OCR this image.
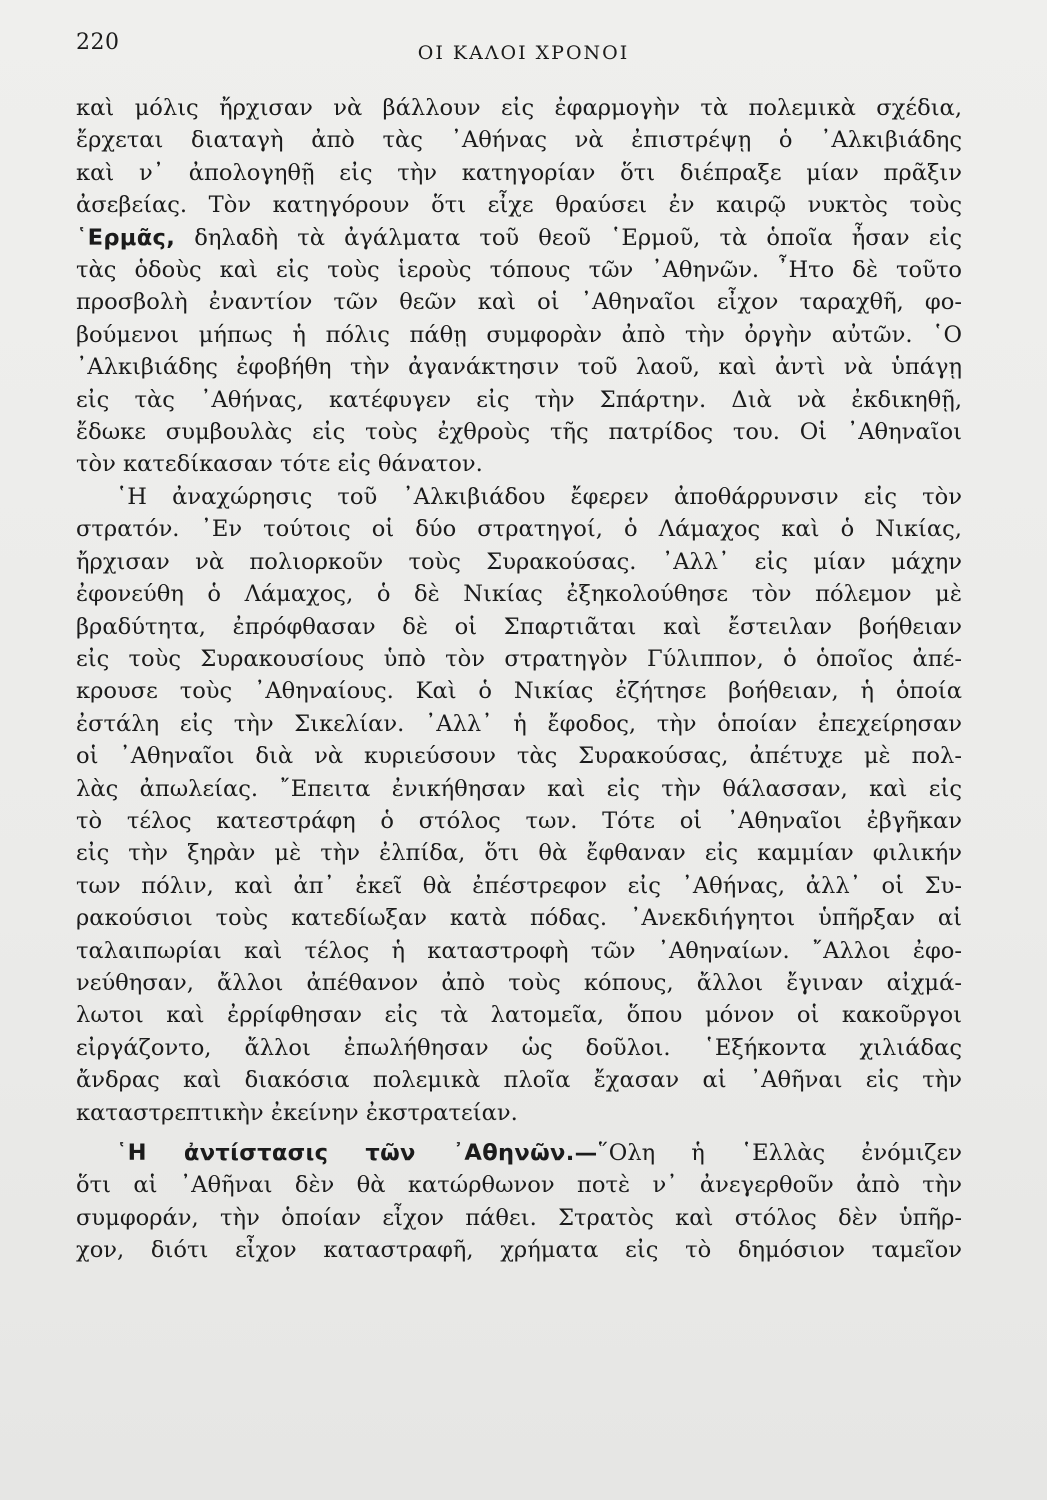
220	ΟΙ ΚΑΛΟΙ ΧΡΟΝΟΙ
καὶ μόλις ἤρχισαν νὰ βάλλουν εἰς ἐφαρμογὴν τὰ πολεμικὰ σχέδια,
ἔρχεται διαταγὴ ἀπὸ τὰς ᾽Αθήνας νὰ ἐπιστρέψῃ ὁ ᾽Αλκιβιάδης
καὶ ν᾽ ἀπολογηθῇ εἰς τὴν κατηγορίαν ὅτι διέπραξε μίαν πρᾶξιν
ἀσεβείας. Τὸν κατηγόρουν ὅτι εἶχε θραύσει ἐν καιρῷ νυκτὸς τοὺς
῾Ερμᾶς, δηλαδὴ τὰ ἀγάλματα τοῦ θεοῦ ῾Ερμοῦ, τὰ ὁποῖα ἦσαν εἰς
τὰς ὁδοὺς καὶ εἰς τοὺς ἱεροὺς τόπους τῶν ᾽Αθηνῶν. ῏Ητο δὲ τοῦτο
προσβολὴ ἐναντίον τῶν θεῶν καὶ οἱ ᾽Αθηναῖοι εἶχον ταραχθῆ, φο-
βούμενοι μήπως ἡ πόλις πάθῃ συμφορὰν ἀπὸ τὴν ὀργὴν αὐτῶν. ῾Ο
᾽Αλκιβιάδης ἐφοβήθη τὴν ἀγανάκτησιν τοῦ λαοῦ, καὶ ἀντὶ νὰ ὑπάγῃ
εἰς τὰς ᾽Αθήνας, κατέφυγεν εἰς τὴν Σπάρτην. Διὰ νὰ ἐκδικηθῇ,
ἔδωκε συμβουλὰς εἰς τοὺς ἐχθροὺς τῆς πατρίδος του. Οἱ ᾽Αθηναῖοι
τὸν κατεδίκασαν τότε εἰς θάνατον.
῾Η ἀναχώρησις τοῦ ᾽Αλκιβιάδου ἔφερεν ἀποθάρρυνσιν εἰς τὸν
στρατόν. ᾽Εν τούτοις οἱ δύο στρατηγοί, ὁ Λάμαχος καὶ ὁ Νικίας,
ἤρχισαν νὰ πολιορκοῦν τοὺς Συρακούσας. ᾽Αλλ᾽ εἰς μίαν μάχην
ἐφονεύθη ὁ Λάμαχος, ὁ δὲ Νικίας ἐξηκολούθησε τὸν πόλεμον μὲ
βραδύτητα, ἐπρόφθασαν δὲ οἱ Σπαρτιᾶται καὶ ἔστειλαν βοήθειαν
εἰς τοὺς Συρακουσίους ὑπὸ τὸν στρατηγὸν Γύλιππον, ὁ ὁποῖος ἀπέ-
κρουσε τοὺς ᾽Αθηναίους. Καὶ ὁ Νικίας ἐζήτησε βοήθειαν, ἡ ὁποία
ἐστάλη εἰς τὴν Σικελίαν. ᾽Αλλ᾽ ἡ ἔφοδος, τὴν ὁποίαν ἐπεχείρησαν
οἱ ᾽Αθηναῖοι διὰ νὰ κυριεύσουν τὰς Συρακούσας, ἀπέτυχε μὲ πολ-
λὰς ἀπωλείας. ῎Επειτα ἐνικήθησαν καὶ εἰς τὴν θάλασσαν, καὶ εἰς
τὸ τέλος κατεστράφη ὁ στόλος των. Τότε οἱ ᾽Αθηναῖοι ἐβγῆκαν
εἰς τὴν ξηρὰν μὲ τὴν ἐλπίδα, ὅτι θὰ ἔφθαναν εἰς καμμίαν φιλικήν
των πόλιν, καὶ ἀπ᾽ ἐκεῖ θὰ ἐπέστρεφον εἰς ᾽Αθήνας, ἀλλ᾽ οἱ Συ-
ρακούσιοι τοὺς κατεδίωξαν κατὰ πόδας. ᾽Ανεκδιήγητοι ὑπῆρξαν αἱ
ταλαιπωρίαι καὶ τέλος ἡ καταστροφὴ τῶν ᾽Αθηναίων. ῎Αλλοι ἐφο-
νεύθησαν, ἄλλοι ἀπέθανον ἀπὸ τοὺς κόπους, ἄλλοι ἔγιναν αἰχμά-
λωτοι καὶ ἐρρίφθησαν εἰς τὰ λατομεῖα, ὅπου μόνον οἱ κακοῦργοι
εἰργάζοντο, ἄλλοι ἐπωλήθησαν ὡς δοῦλοι. ῾Εξήκοντα χιλιάδας
ἄνδρας καὶ διακόσια πολεμικὰ πλοῖα ἔχασαν αἱ ᾽Αθῆναι εἰς τὴν
καταστρεπτικὴν ἐκείνην ἐκστρατείαν.
῾Η ἀντίστασις τῶν ᾽Αθηνῶν.—῞Ολη ἡ ῾Ελλὰς ἐνόμιζεν
ὅτι αἱ ᾽Αθῆναι δὲν θὰ κατώρθωνον ποτὲ ν᾽ ἀνεγερθοῦν ἀπὸ τὴν
συμφοράν, τὴν ὁποίαν εἶχον πάθει. Στρατὸς καὶ στόλος δὲν ὑπῆρ-
χον, διότι εἶχον καταστραφῆ, χρήματα εἰς τὸ δημόσιον ταμεῖον
